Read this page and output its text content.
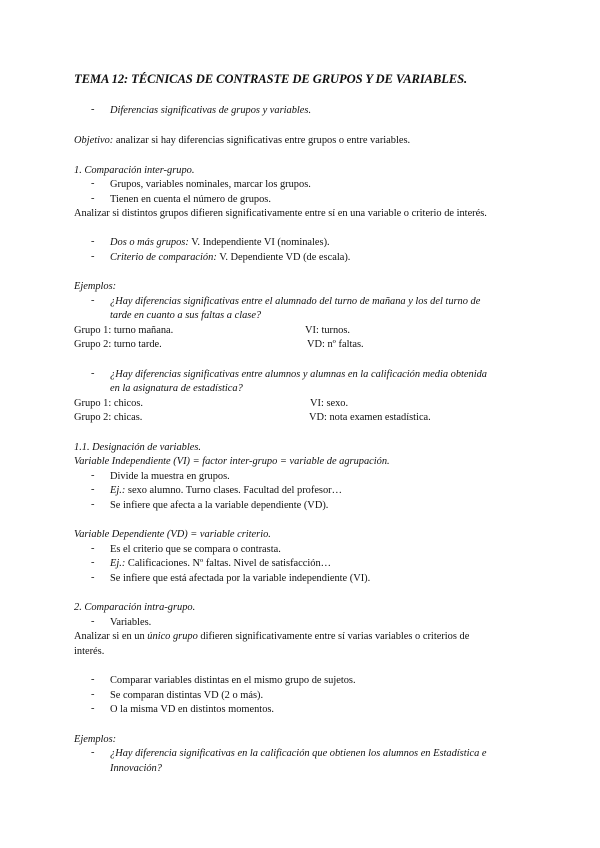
TEMA 12: TÉCNICAS DE CONTRASTE DE GRUPOS Y DE VARIABLES.
- Diferencias significativas de grupos y variables.
Objetivo: analizar si hay diferencias significativas entre grupos o entre variables.
1. Comparación inter-grupo.
- Grupos, variables nominales, marcar los grupos.
- Tienen en cuenta el número de grupos.
Analizar si distintos grupos difieren significativamente entre sí en una variable o criterio de interés.
- Dos o más grupos: V. Independiente VI (nominales).
- Criterio de comparación: V. Dependiente VD (de escala).
Ejemplos:
- ¿Hay diferencias significativas entre el alumnado del turno de mañana y los del turno de
tarde en cuanto a sus faltas a clase?
Grupo 1: turno mañana.	VI: turnos.
Grupo 2: turno tarde.	VD: nº faltas.
- ¿Hay diferencias significativas entre alumnos y alumnas en la calificación media obtenida
en la asignatura de estadística?
Grupo 1: chicos.	VI: sexo.
Grupo 2: chicas.	VD: nota examen estadística.
1.1. Designación de variables.
Variable Independiente (VI) = factor inter-grupo = variable de agrupación.
- Divide la muestra en grupos.
- Ej.: sexo alumno. Turno clases. Facultad del profesor…
- Se infiere que afecta a la variable dependiente (VD).
Variable Dependiente (VD) = variable criterio.
- Es el criterio que se compara o contrasta.
- Ej.: Calificaciones. Nº faltas. Nivel de satisfacción…
- Se infiere que está afectada por la variable independiente (VI).
2. Comparación intra-grupo.
- Variables.
Analizar si en un único grupo difieren significativamente entre sí varias variables o criterios de
interés.
- Comparar variables distintas en el mismo grupo de sujetos.
- Se comparan distintas VD (2 o más).
- O la misma VD en distintos momentos.
Ejemplos:
- ¿Hay diferencia significativas en la calificación que obtienen los alumnos en Estadística e
Innovación?
